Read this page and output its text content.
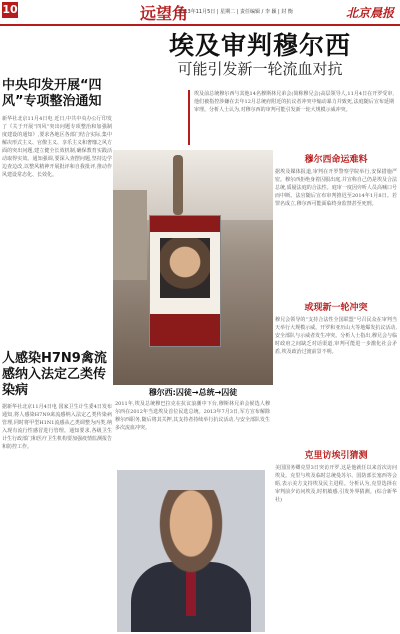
10	远望角
2013年11月5日 | 星期二 | 责任编辑 / 李 颖 | 封 衡	北京晨报
埃及审判穆尔西
可能引发新一轮流血对抗
埃及前总统穆尔西与其他14名穆斯林兄弟会(简称穆兄会)高层领导人,11月4日在开罗受审,他们被指控涉嫌在去年12月总统府附近的抗议者冲突中煽动暴力并致死,法庭随后宣布延期审理。分析人士认为,对穆尔西的审判可能引发新一轮大规模示威冲突。
中央印发开展“四风”专项整治通知
新华社北京11月4日电 近日,中共中央办公厅印发了《关于开展“四风”突出问题专项整治和加强制度建设的通知》,要求各地区各部门结合实际,集中解决形式主义、官僚主义、享乐主义和奢靡之风方面的突出问题,建立健全长效机制,确保教育实践活动取得实效。通知强调,要深入查摆问题,坚持边学边查边改,以整风精神开展批评和自我批评,推动作风建设常态化、长效化。
人感染H7N9禽流感纳入法定乙类传染病
据新华社北京11月4日电 国家卫生计生委4日发布通知,将人感染H7N9禽流感纳入法定乙类传染病管理,同时将甲型H1N1流感从乙类调整为丙类,纳入现有流行性感冒进行管理。通知要求,各级卫生计生行政部门和医疗卫生机构要加强疫情监测报告和防控工作。
穆尔西:囚徒→总统→囚徒
2011年,埃及总统穆巴拉克在抗议浪潮中下台,穆斯林兄弟会候选人穆尔西在2012年当选埃及首位民选总统。2013年7月3日,军方宣布解除穆尔西职务,随后将其关押,其支持者持续举行抗议活动,与安全部队发生多次流血冲突。
穆尔西命运难料
据埃及媒体报道,审判在开罗警察学院举行,安保措施严密。穆尔西拒绝身着囚服出庭,并宣称自己仍是埃及合法总统,质疑法庭的合法性。庭审一度因旁听人员高喊口号而中断。法官随后宣布审判推迟至2014年1月8日。若罪名成立,穆尔西可能面临终身监禁甚至死刑。
或现新一轮冲突
穆兄会领导的“支持合法性全国联盟”号召民众在审判当天举行大规模示威。开罗和亚历山大等地爆发抗议活动,安全部队与示威者发生冲突。分析人士指出,穆兄会与临时政府之间缺乏对话渠道,审判可能进一步激化社会矛盾,埃及政治过渡前景不明。
克里访埃引猜测
美国国务卿克里3日突访开罗,这是他就任以来首次访问埃及。克里与埃及临时总统曼苏尔、国防部长塞西等会晤,表示美方支持埃及民主进程。分析认为,克里选择在审判前夕访问埃及,时机敏感,引发外界猜测。(综合新华社)
